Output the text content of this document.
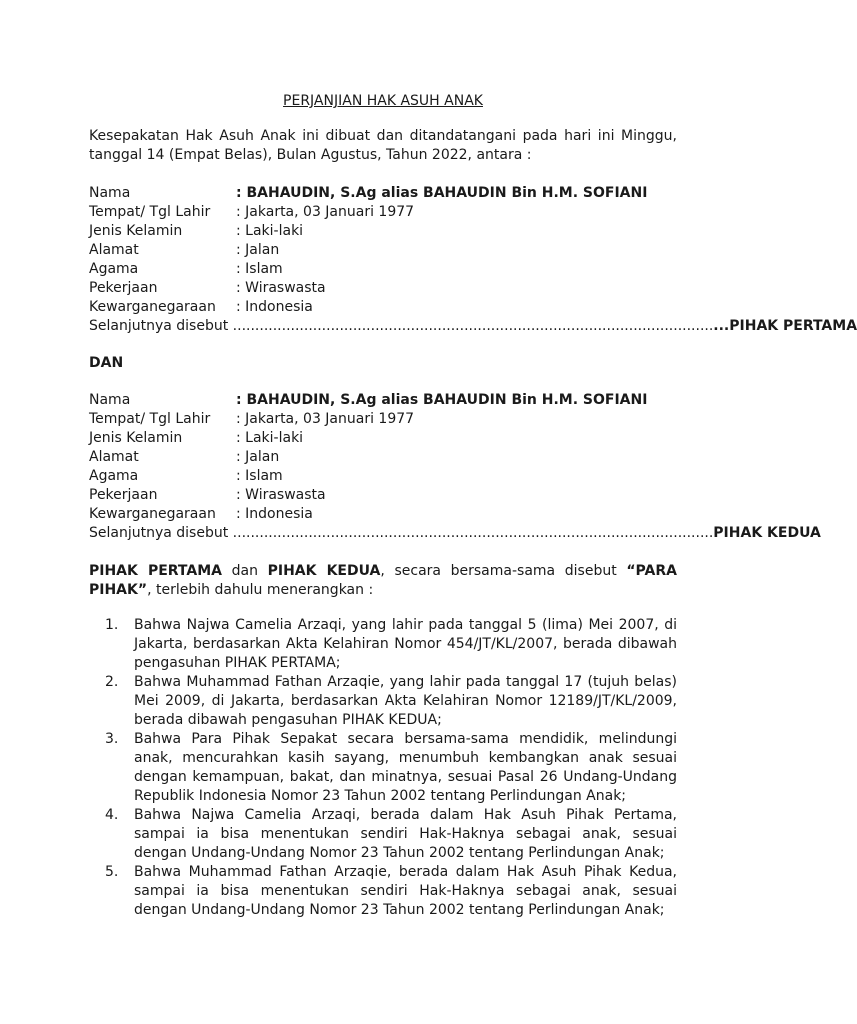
PERJANJIAN HAK ASUH ANAK
Kesepakatan Hak Asuh Anak ini dibuat dan ditandatangani pada hari ini Minggu, tanggal 14 (Empat Belas), Bulan Agustus, Tahun 2022, antara :
Nama	: BAHAUDIN, S.Ag alias BAHAUDIN Bin H.M. SOFIANI
Tempat/ Tgl Lahir	: Jakarta, 03 Januari 1977
Jenis Kelamin	: Laki-laki
Alamat	: Jalan
Agama	: Islam
Pekerjaan	: Wiraswasta
Kewarganegaraan	: Indonesia
Selanjutnya disebut
............................................................................................................ ...PIHAK PERTAMA
DAN
Nama	: BAHAUDIN, S.Ag alias BAHAUDIN Bin H.M. SOFIANI
Tempat/ Tgl Lahir	: Jakarta, 03 Januari 1977
Jenis Kelamin	: Laki-laki
Alamat	: Jalan
Agama	: Islam
Pekerjaan	: Wiraswasta
Kewarganegaraan	: Indonesia
Selanjutnya disebut
............................................................................................................ PIHAK KEDUA
PIHAK PERTAMA dan PIHAK KEDUA, secara bersama-sama disebut “PARA PIHAK”, terlebih dahulu menerangkan :
1. Bahwa Najwa Camelia Arzaqi, yang lahir pada tanggal 5 (lima) Mei 2007, di Jakarta, berdasarkan Akta Kelahiran Nomor 454/JT/KL/2007, berada dibawah pengasuhan PIHAK PERTAMA;
2. Bahwa Muhammad Fathan Arzaqie, yang lahir pada tanggal 17 (tujuh belas) Mei 2009, di Jakarta, berdasarkan Akta Kelahiran Nomor 12189/JT/KL/2009, berada dibawah pengasuhan PIHAK KEDUA;
3. Bahwa Para Pihak Sepakat secara bersama-sama mendidik, melindungi anak, mencurahkan kasih sayang, menumbuh kembangkan anak sesuai dengan kemampuan, bakat, dan minatnya, sesuai Pasal 26 Undang-Undang Republik Indonesia Nomor 23 Tahun 2002 tentang Perlindungan Anak;
4. Bahwa Najwa Camelia Arzaqi, berada dalam Hak Asuh Pihak Pertama, sampai ia bisa menentukan sendiri Hak-Haknya sebagai anak, sesuai dengan Undang-Undang Nomor 23 Tahun 2002 tentang Perlindungan Anak;
5. Bahwa Muhammad Fathan Arzaqie, berada dalam Hak Asuh Pihak Kedua, sampai ia bisa menentukan sendiri Hak-Haknya sebagai anak, sesuai dengan Undang-Undang Nomor 23 Tahun 2002 tentang Perlindungan Anak;
